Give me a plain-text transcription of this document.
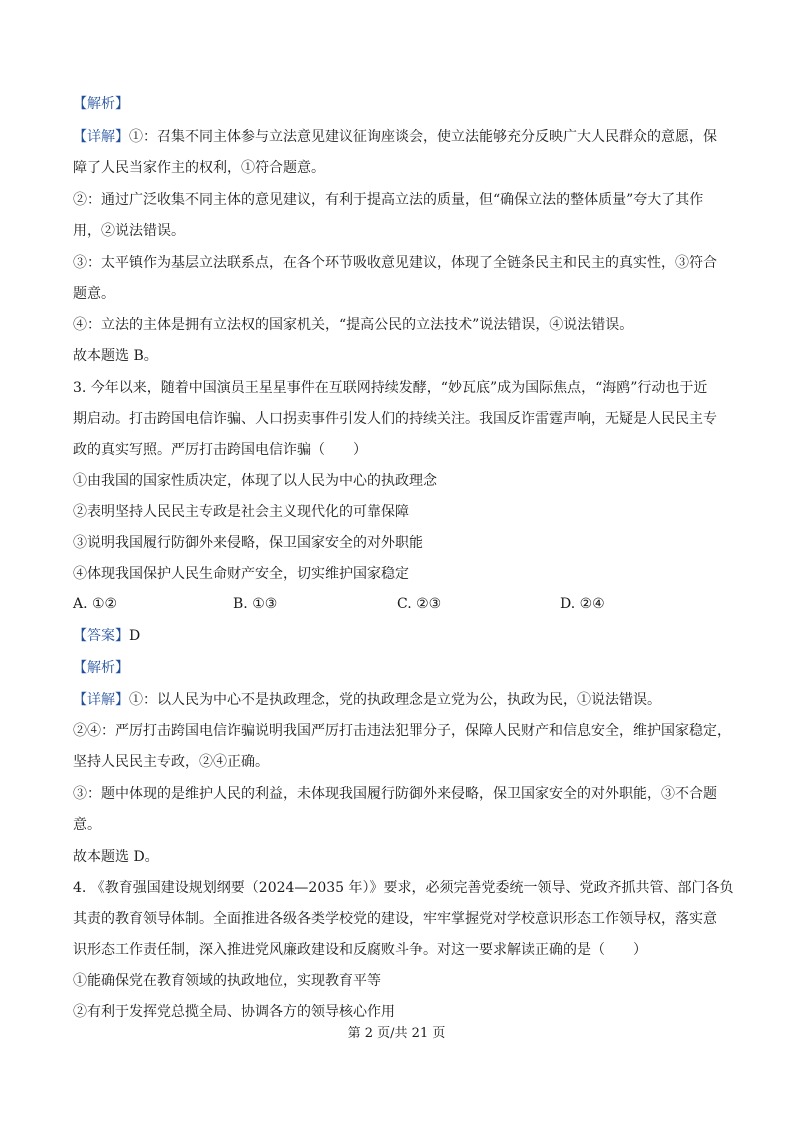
【解析】
【详解】①：召集不同主体参与立法意见建议征询座谈会，使立法能够充分反映广大人民群众的意愿，保
障了人民当家作主的权利，①符合题意。
②：通过广泛收集不同主体的意见建议，有利于提高立法的质量，但“确保立法的整体质量”夸大了其作
用，②说法错误。
③：太平镇作为基层立法联系点，在各个环节吸收意见建议，体现了全链条民主和民主的真实性，③符合
题意。
④：立法的主体是拥有立法权的国家机关，“提高公民的立法技术”说法错误，④说法错误。
故本题选 B。
3. 今年以来，随着中国演员王星星事件在互联网持续发酵，“妙瓦底”成为国际焦点，“海鸥”行动也于近
期启动。打击跨国电信诈骗、人口拐卖事件引发人们的持续关注。我国反诈雷霆声响，无疑是人民民主专
政的真实写照。严厉打击跨国电信诈骗（　　）
①由我国的国家性质决定，体现了以人民为中心的执政理念
②表明坚持人民民主专政是社会主义现代化的可靠保障
③说明我国履行防御外来侵略，保卫国家安全的对外职能
④体现我国保护人民生命财产安全，切实维护国家稳定
A. ①②	B. ①③	C. ②③	D. ②④
【答案】D
【解析】
【详解】①：以人民为中心不是执政理念，党的执政理念是立党为公，执政为民，①说法错误。
②④：严厉打击跨国电信诈骗说明我国严厉打击违法犯罪分子，保障人民财产和信息安全，维护国家稳定，
坚持人民民主专政，②④正确。
③：题中体现的是维护人民的利益，未体现我国履行防御外来侵略，保卫国家安全的对外职能，③不合题
意。
故本题选 D。
4. 《教育强国建设规划纲要（2024—2035 年）》要求，必须完善党委统一领导、党政齐抓共管、部门各负
其责的教育领导体制。全面推进各级各类学校党的建设，牢牢掌握党对学校意识形态工作领导权，落实意
识形态工作责任制，深入推进党风廉政建设和反腐败斗争。对这一要求解读正确的是（　　）
①能确保党在教育领域的执政地位，实现教育平等
②有利于发挥党总揽全局、协调各方的领导核心作用
第 2 页/共 21 页
